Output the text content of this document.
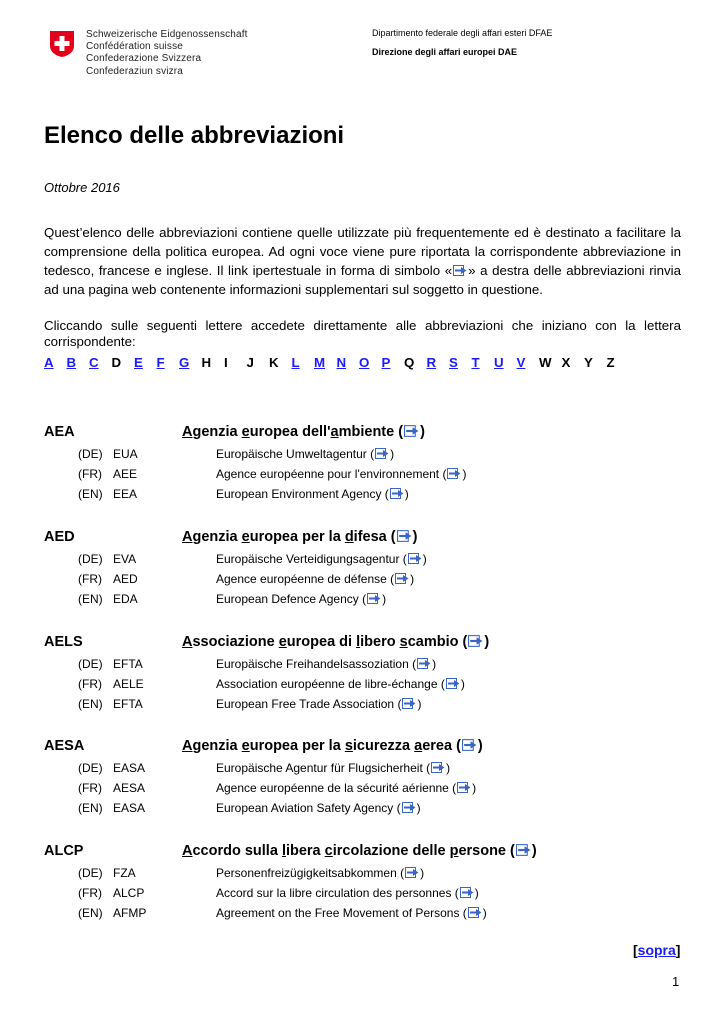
Schweizerische Eidgenossenschaft
Confédération suisse
Confederazione Svizzera
Confederaziun svizra
Dipartimento federale degli affari esteri DFAE
Direzione degli affari europei DAE
Elenco delle abbreviazioni
Ottobre 2016
Quest’elenco delle abbreviazioni contiene quelle utilizzate più frequentemente ed è destinato a facilitare la comprensione della politica europea. Ad ogni voce viene pure riportata la corrispondente abbreviazione in tedesco, francese e inglese. Il link ipertestuale in forma di simbolo « » a destra delle abbreviazioni rinvia ad una pagina web contenente informazioni supplementari sul soggetto in questione.
Cliccando sulle seguenti lettere accedete direttamente alle abbreviazioni che iniziano con la lettera corrispondente:
A B C D E F G H I J K L M N O P Q R S T U V W X Y Z
AEA	Agenzia europea dell'ambiente ( )
(DE) EUA	Europäische Umweltagentur ( )
(FR) AEE	Agence européenne pour l'environnement ( )
(EN) EEA	European Environment Agency ( )
AED	Agenzia europea per la difesa ( )
(DE) EVA	Europäische Verteidigungsagentur ( )
(FR) AED	Agence européenne de défense ( )
(EN) EDA	European Defence Agency ( )
AELS	Associazione europea di libero scambio ( )
(DE) EFTA	Europäische Freihandelsassoziation ( )
(FR) AELE	Association européenne de libre-échange ( )
(EN) EFTA	European Free Trade Association ( )
AESA	Agenzia europea per la sicurezza aerea ( )
(DE) EASA	Europäische Agentur für Flugsicherheit ( )
(FR) AESA	Agence européenne de la sécurité aérienne ( )
(EN) EASA	European Aviation Safety Agency ( )
ALCP	Accordo sulla libera circolazione delle persone ( )
(DE) FZA	Personenfreizügigkeitsabkommen ( )
(FR) ALCP	Accord sur la libre circulation des personnes ( )
(EN) AFMP	Agreement on the Free Movement of Persons ( )
[sopra]
1
